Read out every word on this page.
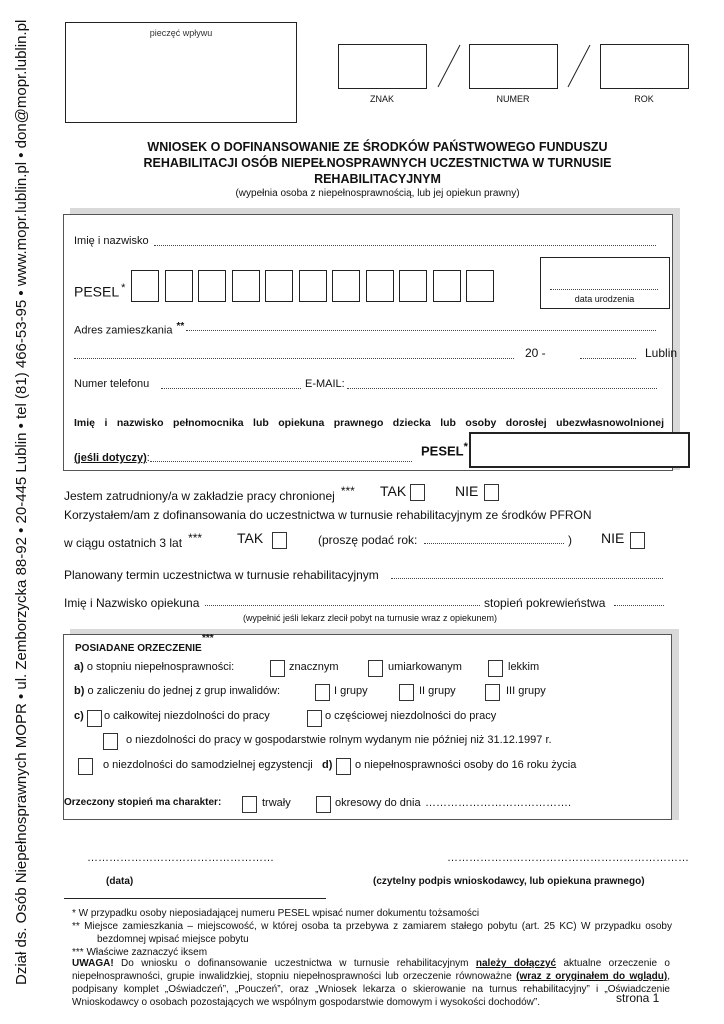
Dział ds. Osób Niepełnosprawnych MOPR • ul. Zemborzycka 88-92 • 20-445 Lublin • tel (81) 466-53-95 • www.mopr.lublin.pl • don@mopr.lublin.pl	pieczęć wpływu
ZNAK	NUMER	ROK
WNIOSEK O DOFINANSOWANIE ZE ŚRODKÓW PAŃSTWOWEGO FUNDUSZU
REHABILITACJI OSÓB NIEPEŁNOSPRAWNYCH UCZESTNICTWA W TURNUSIE
REHABILITACYJNYM
(wypełnia osoba z niepełnosprawnością, lub jej opiekun prawny)
Imię i nazwisko
PESEL *
data urodzenia
Adres zamieszkania **
20 -	Lublin
Numer telefonu	E-MAIL:
Imię i nazwisko pełnomocnika lub opiekuna prawnego dziecka lub osoby dorosłej ubezwłasnowolnionej
(jeśli dotyczy):	PESEL*
Jestem zatrudniony/a w zakładzie pracy chronionej *** TAK	NIE
Korzystałem/am z dofinansowania do uczestnictwa w turnusie rehabilitacyjnym ze środków PFRON
w ciągu ostatnich 3 lat *** TAK	(proszę podać rok:	) NIE
Planowany termin uczestnictwa w turnusie rehabilitacyjnym
Imię i Nazwisko opiekuna	stopień pokrewieństwa
(wypełnić jeśli lekarz zlecił pobyt na turnusie wraz z opiekunem)
POSIADANE ORZECZENIE
***
a) o stopniu niepełnosprawności:	znacznym	umiarkowanym	lekkim
b) o zaliczeniu do jednej z grup inwalidów:	I grupy	II grupy	III grupy
c) o całkowitej niezdolności do pracy	o częściowej niezdolności do pracy
o niezdolności do pracy w gospodarstwie rolnym wydanym nie później niż 31.12.1997 r.
o niezdolności do samodzielnej egzystencji d) o niepełnosprawności osoby do 16 roku życia
Orzeczony stopień ma charakter:	trwały	okresowy do dnia ………………………………….
……………………………………………	…………………………………………………………
(data)	(czytelny podpis wnioskodawcy, lub opiekuna prawnego)
* W przypadku osoby nieposiadającej numeru PESEL wpisać numer dokumentu tożsamości
** Miejsce zamieszkania – miejscowość, w której osoba ta przebywa z zamiarem stałego pobytu (art. 25 KC) W przypadku osoby
bezdomnej wpisać miejsce pobytu
*** Właściwe zaznaczyć iksem
UWAGA! Do wniosku o dofinansowanie uczestnictwa w turnusie rehabilitacyjnym należy dołączyć aktualne orzeczenie o
niepełnosprawności, grupie inwalidzkiej, stopniu niepełnosprawności lub orzeczenie równoważne (wraz z oryginałem do wglądu),
podpisany komplet „Oświadczeń”, „Pouczeń”, oraz „Wniosek lekarza o skierowanie na turnus rehabilitacyjny” i „Oświadczenie
Wnioskodawcy o osobach pozostających we wspólnym gospodarstwie domowym i wysokości dochodów”.	strona 1
